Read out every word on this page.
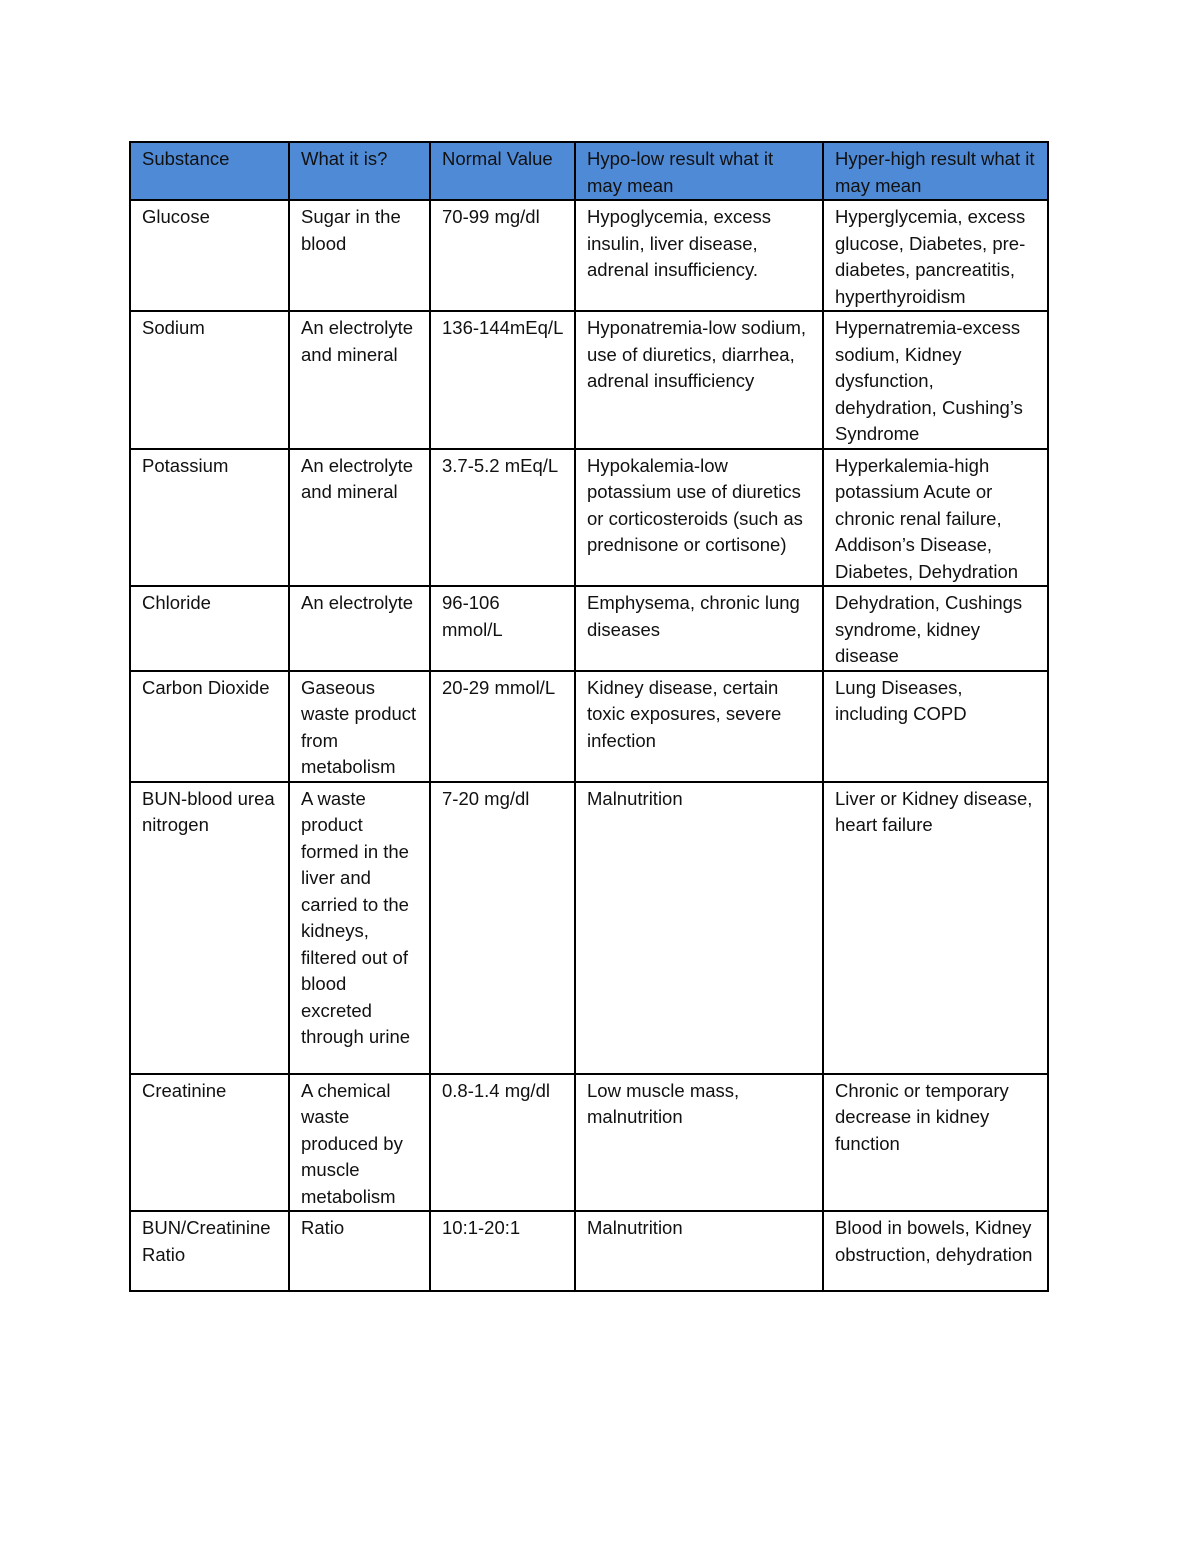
Substance	What it is?	Normal Value	Hypo-low result what it may mean	Hyper-high result what it may mean
Glucose	Sugar in the blood	70-99 mg/dl	Hypoglycemia, excess insulin, liver disease, adrenal insufficiency.	Hyperglycemia, excess glucose, Diabetes, pre-diabetes, pancreatitis, hyperthyroidism
Sodium	An electrolyte and mineral	136-144mEq/L	Hyponatremia-low sodium, use of diuretics, diarrhea, adrenal insufficiency	Hypernatremia-excess sodium, Kidney dysfunction, dehydration, Cushing’s Syndrome
Potassium	An electrolyte and mineral	3.7-5.2 mEq/L	Hypokalemia-low potassium use of diuretics or corticosteroids (such as prednisone or cortisone)	Hyperkalemia-high potassium Acute or chronic renal failure, Addison’s Disease, Diabetes, Dehydration
Chloride	An electrolyte	96-106 mmol/L	Emphysema, chronic lung diseases	Dehydration, Cushings syndrome, kidney disease
Carbon Dioxide	Gaseous waste product from metabolism	20-29 mmol/L	Kidney disease, certain toxic exposures, severe infection	Lung Diseases, including COPD
BUN-blood urea nitrogen	A waste product formed in the liver and carried to the kidneys, filtered out of blood excreted through urine	7-20 mg/dl	Malnutrition	Liver or Kidney disease, heart failure
Creatinine	A chemical waste produced by muscle metabolism	0.8-1.4 mg/dl	Low muscle mass, malnutrition	Chronic or temporary decrease in kidney function
BUN/Creatinine Ratio	Ratio	10:1-20:1	Malnutrition	Blood in bowels, Kidney obstruction, dehydration
